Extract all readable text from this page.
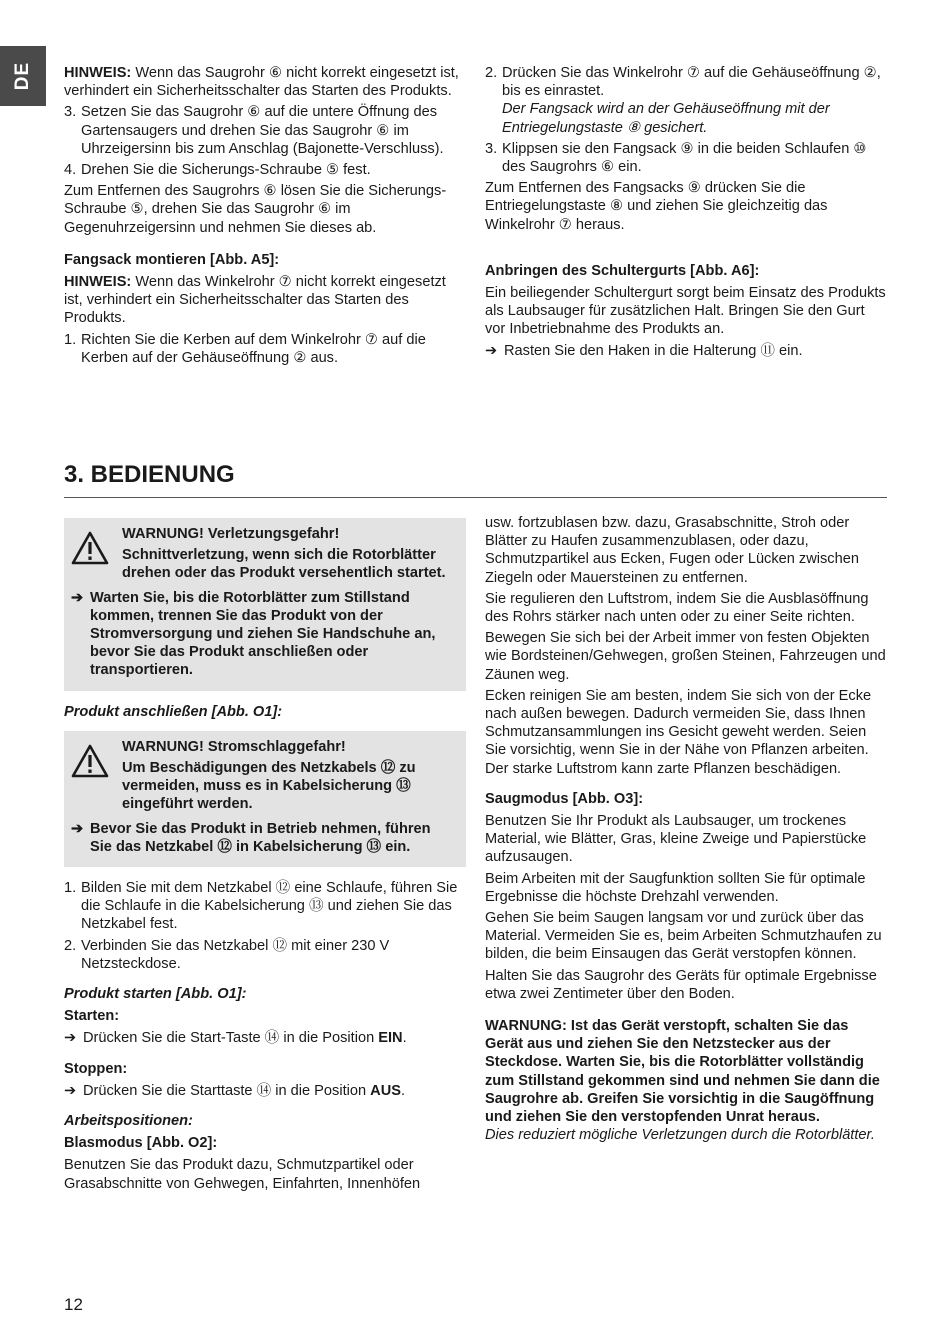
DE HINWEIS: Wenn das Saugrohr ⑥ nicht korrekt eingesetzt ist, verhindert ein Sicherheitsschalter das Starten des Produkts.

3. Setzen Sie das Saugrohr ⑥ auf die untere Öffnung des Gartensaugers und drehen Sie das Saugrohr ⑥ im Uhrzeigersinn bis zum Anschlag (Bajonette-Verschluss).
4. Drehen Sie die Sicherungs-Schraube ⑤ fest.

Zum Entfernen des Saugrohrs ⑥ lösen Sie die Sicherungs-Schraube ⑤, drehen Sie das Saugrohr ⑥ im Gegenuhrzeigersinn und nehmen Sie dieses ab.

Fangsack montieren [Abb. A5]:

HINWEIS: Wenn das Winkelrohr ⑦ nicht korrekt eingesetzt ist, verhindert ein Sicherheitsschalter das Starten des Produkts.

1. Richten Sie die Kerben auf dem Winkelrohr ⑦ auf die Kerben auf der Gehäuseöffnung ② aus.
2. Drücken Sie das Winkelrohr ⑦ auf die Gehäuseöffnung ②, bis es einrastet.
Der Fangsack wird an der Gehäuseöffnung mit der Entriegelungstaste ⑧ gesichert.
3. Klippsen sie den Fangsack ⑨ in die beiden Schlaufen ⑩ des Saugrohrs ⑥ ein.

Zum Entfernen des Fangsacks ⑨ drücken Sie die Entriegelungstaste ⑧ und ziehen Sie gleichzeitig das Winkelrohr ⑦ heraus.

Anbringen des Schultergurts [Abb. A6]:

Ein beiliegender Schultergurt sorgt beim Einsatz des Produkts als Laubsauger für zusätzlichen Halt. Bringen Sie den Gurt vor Inbetriebnahme des Produkts an.

➔ Rasten Sie den Haken in die Halterung ⑪ ein.
3. BEDIENUNG

WARNUNG! Verletzungsgefahr!

Schnittverletzung, wenn sich die Rotorblätter drehen oder das Produkt versehentlich startet.

➔ Warten Sie, bis die Rotorblätter zum Stillstand kommen, trennen Sie das Produkt von der Stromversorgung und ziehen Sie Handschuhe an, bevor Sie das Produkt anschließen oder transportieren.

Produkt anschließen [Abb. O1]:

WARNUNG! Stromschlaggefahr!

Um Beschädigungen des Netzkabels ⑫ zu vermeiden, muss es in Kabelsicherung ⑬ eingeführt werden.

➔ Bevor Sie das Produkt in Betrieb nehmen, führen Sie das Netzkabel ⑫ in Kabelsicherung ⑬ ein.
1. Bilden Sie mit dem Netzkabel ⑫ eine Schlaufe, führen Sie die Schlaufe in die Kabelsicherung ⑬ und ziehen Sie das Netzkabel fest.
2. Verbinden Sie das Netzkabel ⑫ mit einer 230 V Netzsteckdose.

Produkt starten [Abb. O1]:

Starten:

➔ Drücken Sie die Start-Taste ⑭ in die Position EIN.

Stoppen:

➔ Drücken Sie die Starttaste ⑭ in die Position AUS.

Arbeitspositionen:

Blasmodus [Abb. O2]:

Benutzen Sie das Produkt dazu, Schmutzpartikel oder Grasabschnitte von Gehwegen, Einfahrten, Innenhöfen

usw. fortzublasen bzw. dazu, Grasabschnitte, Stroh oder Blätter zu Haufen zusammenzublasen, oder dazu, Schmutzpartikel aus Ecken, Fugen oder Lücken zwischen Ziegeln oder Mauersteinen zu entfernen.

Sie regulieren den Luftstrom, indem Sie die Ausblasöffnung des Rohrs stärker nach unten oder zu einer Seite richten.

Bewegen Sie sich bei der Arbeit immer von festen Objekten wie Bordsteinen/Gehwegen, großen Steinen, Fahrzeugen und Zäunen weg.

Ecken reinigen Sie am besten, indem Sie sich von der Ecke nach außen bewegen. Dadurch vermeiden Sie, dass Ihnen Schmutzansammlungen ins Gesicht geweht werden. Seien Sie vorsichtig, wenn Sie in der Nähe von Pflanzen arbeiten. Der starke Luftstrom kann zarte Pflanzen beschädigen.

Saugmodus [Abb. O3]:

Benutzen Sie Ihr Produkt als Laubsauger, um trockenes Material, wie Blätter, Gras, kleine Zweige und Papierstücke aufzusaugen.

Beim Arbeiten mit der Saugfunktion sollten Sie für optimale Ergebnisse die höchste Drehzahl verwenden.

Gehen Sie beim Saugen langsam vor und zurück über das Material. Vermeiden Sie es, beim Arbeiten Schmutzhaufen zu bilden, die beim Einsaugen das Gerät verstopfen können.

Halten Sie das Saugrohr des Geräts für optimale Ergebnisse etwa zwei Zentimeter über den Boden.

WARNUNG: Ist das Gerät verstopft, schalten Sie das Gerät aus und ziehen Sie den Netzstecker aus der Steckdose. Warten Sie, bis die Rotorblätter vollständig zum Stillstand gekommen sind und nehmen Sie dann die Saugrohre ab. Greifen Sie vorsichtig in die Saugöffnung und ziehen Sie den verstopfenden Unrat heraus.

Dies reduziert mögliche Verletzungen durch die Rotorblätter.

12
